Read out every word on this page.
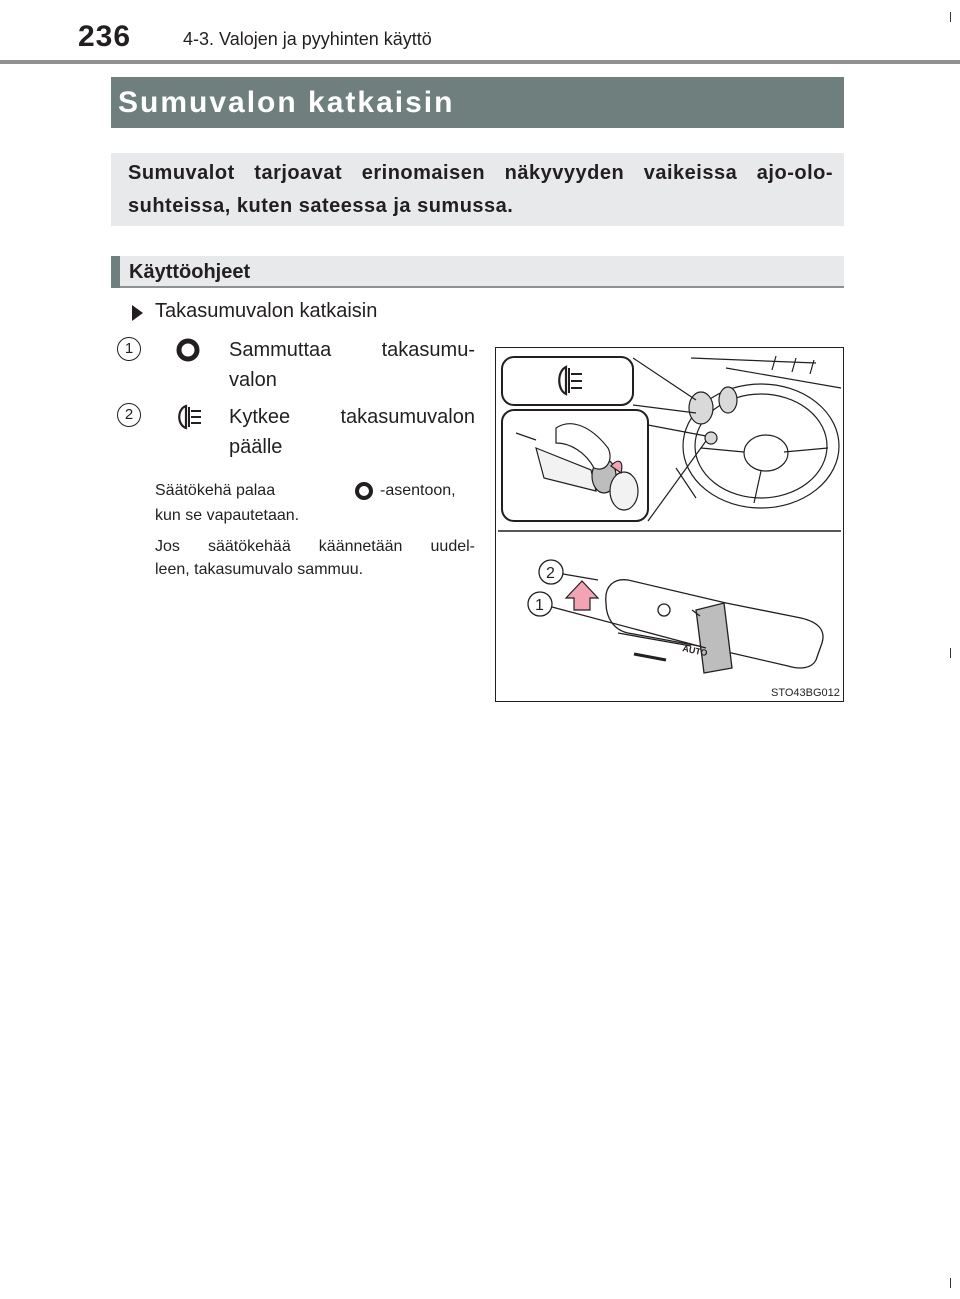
236	4-3. Valojen ja pyyhinten käyttö
Sumuvalon katkaisin

Sumuvalot tarjoavat erinomaisen näkyvyyden vaikeissa ajo-olo-

suhteissa, kuten sateessa ja sumussa.

Käyttöohjeet
Takasumuvalon katkaisin
1	Sammuttaa takasumu-
valon
2	Kytkee takasumuvalon
päälle
Säätökehä palaa	-asentoon,
kun se vapautetaan.
Jos säätökehää käännetään uudel-
leen, takasumuvalo sammuu.
AUTO
2
1
STO43BG012
